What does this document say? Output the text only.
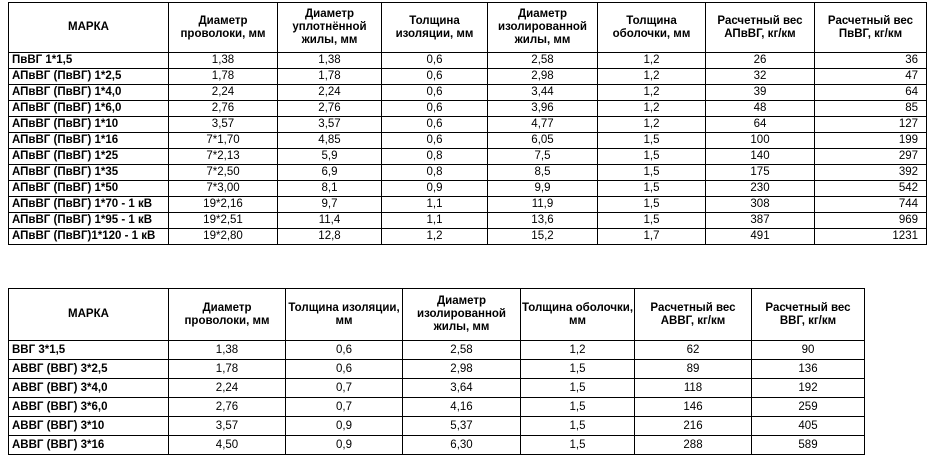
МАРКА	Диаметр проволоки, мм	Диаметр уплотнённой жилы, мм	Толщина изоляции, мм	Диаметр изолированной жилы, мм	Толщина оболочки, мм	Расчетный вес АПвВГ, кг/км	Расчетный вес ПвВГ, кг/км
ПвВГ 1*1,5	1,38	1,38	0,6	2,58	1,2	26	36
АПвВГ (ПвВГ) 1*2,5	1,78	1,78	0,6	2,98	1,2	32	47
АПвВГ (ПвВГ) 1*4,0	2,24	2,24	0,6	3,44	1,2	39	64
АПвВГ (ПвВГ) 1*6,0	2,76	2,76	0,6	3,96	1,2	48	85
АПвВГ (ПвВГ) 1*10	3,57	3,57	0,6	4,77	1,2	64	127
АПвВГ (ПвВГ) 1*16	7*1,70	4,85	0,6	6,05	1,5	100	199
АПвВГ (ПвВГ) 1*25	7*2,13	5,9	0,8	7,5	1,5	140	297
АПвВГ (ПвВГ) 1*35	7*2,50	6,9	0,8	8,5	1,5	175	392
АПвВГ (ПвВГ) 1*50	7*3,00	8,1	0,9	9,9	1,5	230	542
АПвВГ (ПвВГ) 1*70 - 1 кВ	19*2,16	9,7	1,1	11,9	1,5	308	744
АПвВГ (ПвВГ) 1*95 - 1 кВ	19*2,51	11,4	1,1	13,6	1,5	387	969
АПвВГ (ПвВГ)1*120 - 1 кВ	19*2,80	12,8	1,2	15,2	1,7	491	1231
МАРКА	Диаметр проволоки, мм	Толщина изоляции, мм	Диаметр изолированной жилы, мм	Толщина оболочки, мм	Расчетный вес АВВГ, кг/км	Расчетный вес ВВГ, кг/км
ВВГ 3*1,5	1,38	0,6	2,58	1,2	62	90
АВВГ (ВВГ) 3*2,5	1,78	0,6	2,98	1,5	89	136
АВВГ (ВВГ) 3*4,0	2,24	0,7	3,64	1,5	118	192
АВВГ (ВВГ) 3*6,0	2,76	0,7	4,16	1,5	146	259
АВВГ (ВВГ) 3*10	3,57	0,9	5,37	1,5	216	405
АВВГ (ВВГ) 3*16	4,50	0,9	6,30	1,5	288	589
